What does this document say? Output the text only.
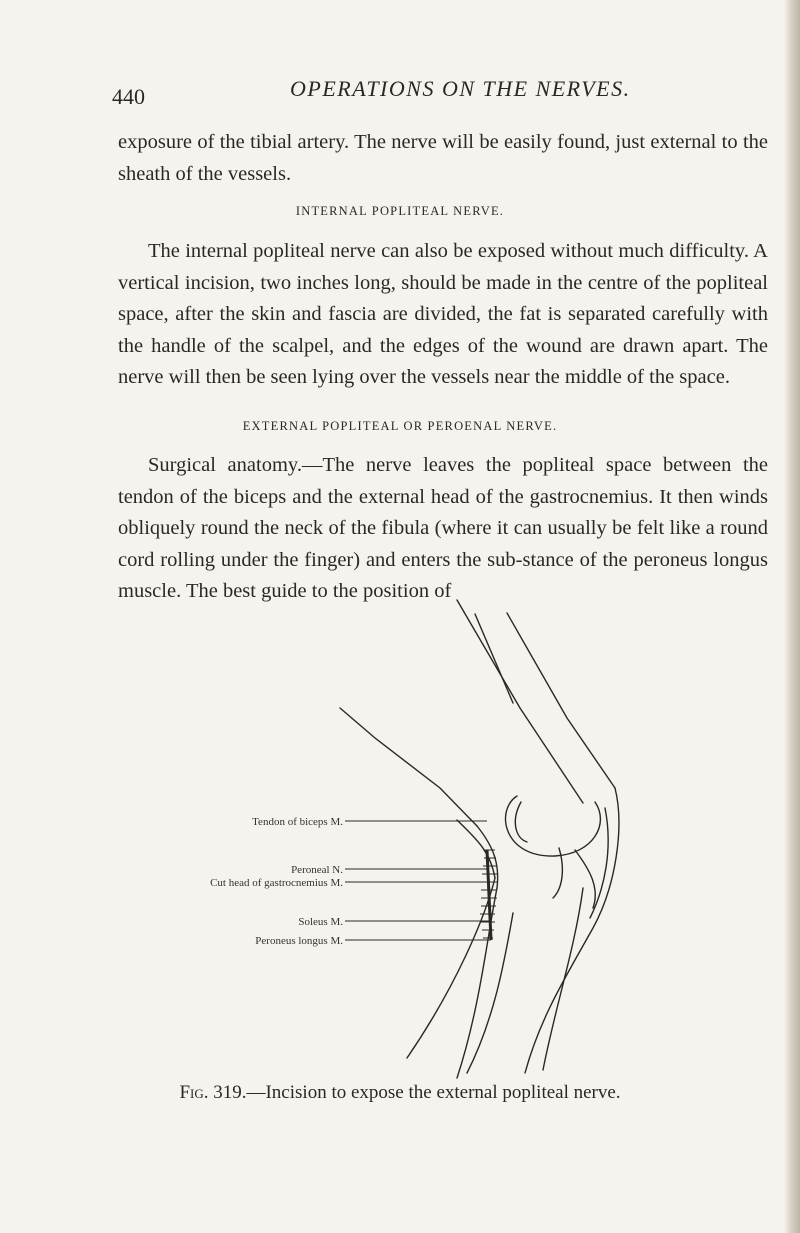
440	OPERATIONS ON THE NERVES.

exposure of the tibial artery. The nerve will be easily found, just external to the sheath of the vessels.

INTERNAL POPLITEAL NERVE.

The internal popliteal nerve can also be exposed without much difficulty. A vertical incision, two inches long, should be made in the centre of the popliteal space, after the skin and fascia are divided, the fat is separated carefully with the handle of the scalpel, and the edges of the wound are drawn apart. The nerve will then be seen lying over the vessels near the middle of the space.

EXTERNAL POPLITEAL OR PEROENAL NERVE.

Surgical anatomy.—The nerve leaves the popliteal space between the tendon of the biceps and the external head of the gastrocnemius. It then winds obliquely round the neck of the fibula (where it can usually be felt like a round cord rolling under the finger) and enters the sub-stance of the peroneus longus muscle. The best guide to the position of

Tendon of biceps M.
Peroneal N.
Cut head of gastrocnemius M.
Soleus M.
Peroneus longus M.

Fig. 319.—Incision to expose the external popliteal nerve.
